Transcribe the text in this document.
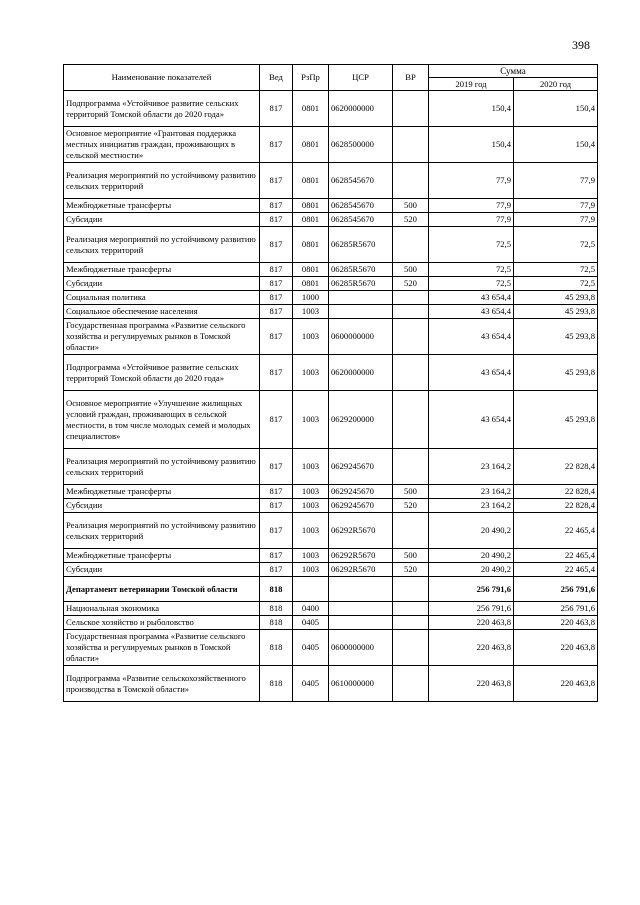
398
Наименование показателей	Вед	РзПр	ЦСР	ВР	Сумма	
					2019 год	2020 год
Подпрограмма «Устойчивое развитие сельских территорий Томской области до 2020 года»	817	0801	0620000000		150,4	150,4
Основное мероприятие «Грантовая поддержка местных инициатив граждан, проживающих в сельской местности»	817	0801	0628500000		150,4	150,4
Реализация мероприятий по устойчивому развитию сельских территорий	817	0801	0628545670		77,9	77,9
Межбюджетные трансферты	817	0801	0628545670	500	77,9	77,9
Субсидии	817	0801	0628545670	520	77,9	77,9
Реализация мероприятий по устойчивому развитию сельских территорий	817	0801	06285R5670		72,5	72,5
Межбюджетные трансферты	817	0801	06285R5670	500	72,5	72,5
Субсидии	817	0801	06285R5670	520	72,5	72,5
Социальная политика	817	1000			43 654,4	45 293,8
Социальное обеспечение населения	817	1003			43 654,4	45 293,8
Государственная программа «Развитие сельского хозяйства и регулируемых рынков в Томской области»	817	1003	0600000000		43 654,4	45 293,8
Подпрограмма «Устойчивое развитие сельских территорий Томской области до 2020 года»	817	1003	0620000000		43 654,4	45 293,8
Основное мероприятие «Улучшение жилищных условий граждан, проживающих в сельской местности, в том числе молодых семей и молодых специалистов»	817	1003	0629200000		43 654,4	45 293,8
Реализация мероприятий по устойчивому развитию сельских территорий	817	1003	0629245670		23 164,2	22 828,4
Межбюджетные трансферты	817	1003	0629245670	500	23 164,2	22 828,4
Субсидии	817	1003	0629245670	520	23 164,2	22 828,4
Реализация мероприятий по устойчивому развитию сельских территорий	817	1003	06292R5670		20 490,2	22 465,4
Межбюджетные трансферты	817	1003	06292R5670	500	20 490,2	22 465,4
Субсидии	817	1003	06292R5670	520	20 490,2	22 465,4
Департамент ветеринарии Томской области	818				256 791,6	256 791,6
Национальная экономика	818	0400			256 791,6	256 791,6
Сельское хозяйство и рыболовство	818	0405			220 463,8	220 463,8
Государственная программа «Развитие сельского хозяйства и регулируемых рынков в Томской области»	818	0405	0600000000		220 463,8	220 463,8
Подпрограмма «Развитие сельскохозяйственного производства в Томской области»	818	0405	0610000000		220 463,8	220 463,8
